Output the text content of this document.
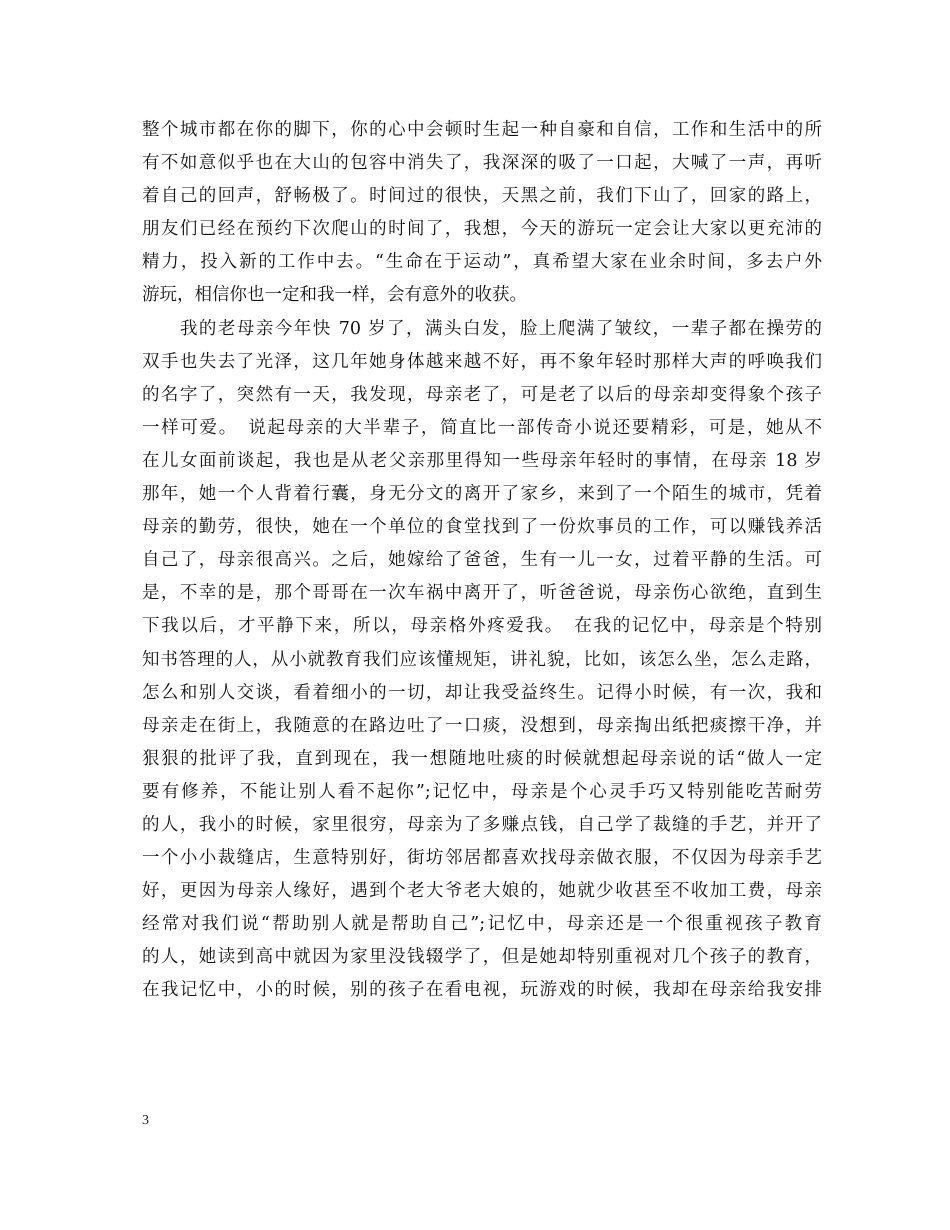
整个城市都在你的脚下，你的心中会顿时生起一种自豪和自信，工作和生活中的所
有不如意似乎也在大山的包容中消失了，我深深的吸了一口起，大喊了一声，再听
着自己的回声，舒畅极了。时间过的很快，天黑之前，我们下山了，回家的路上，
朋友们已经在预约下次爬山的时间了，我想，今天的游玩一定会让大家以更充沛的
精力，投入新的工作中去。“生命在于运动”，真希望大家在业余时间，多去户外
游玩，相信你也一定和我一样，会有意外的收获。
　　我的老母亲今年快 70 岁了，满头白发，脸上爬满了皱纹，一辈子都在操劳的
双手也失去了光泽，这几年她身体越来越不好，再不象年轻时那样大声的呼唤我们
的名字了，突然有一天，我发现，母亲老了，可是老了以后的母亲却变得象个孩子
一样可爱。　说起母亲的大半辈子，简直比一部传奇小说还要精彩，可是，她从不
在儿女面前谈起，我也是从老父亲那里得知一些母亲年轻时的事情，在母亲 18 岁
那年，她一个人背着行囊，身无分文的离开了家乡，来到了一个陌生的城市，凭着
母亲的勤劳，很快，她在一个单位的食堂找到了一份炊事员的工作，可以赚钱养活
自己了，母亲很高兴。之后，她嫁给了爸爸，生有一儿一女，过着平静的生活。可
是，不幸的是，那个哥哥在一次车祸中离开了，听爸爸说，母亲伤心欲绝，直到生
下我以后，才平静下来，所以，母亲格外疼爱我。　在我的记忆中，母亲是个特别
知书答理的人，从小就教育我们应该懂规矩，讲礼貌，比如，该怎么坐，怎么走路，
怎么和别人交谈，看着细小的一切，却让我受益终生。记得小时候，有一次，我和
母亲走在街上，我随意的在路边吐了一口痰，没想到，母亲掏出纸把痰擦干净，并
狠狠的批评了我，直到现在，我一想随地吐痰的时候就想起母亲说的话“做人一定
要有修养，不能让别人看不起你”;记忆中，母亲是个心灵手巧又特别能吃苦耐劳
的人，我小的时候，家里很穷，母亲为了多赚点钱，自己学了裁缝的手艺，并开了
一个小小裁缝店，生意特别好，街坊邻居都喜欢找母亲做衣服，不仅因为母亲手艺
好，更因为母亲人缘好，遇到个老大爷老大娘的，她就少收甚至不收加工费，母亲
经常对我们说“帮助别人就是帮助自己”;记忆中，母亲还是一个很重视孩子教育
的人，她读到高中就因为家里没钱辍学了，但是她却特别重视对几个孩子的教育，
在我记忆中，小的时候，别的孩子在看电视，玩游戏的时候，我却在母亲给我安排
3
